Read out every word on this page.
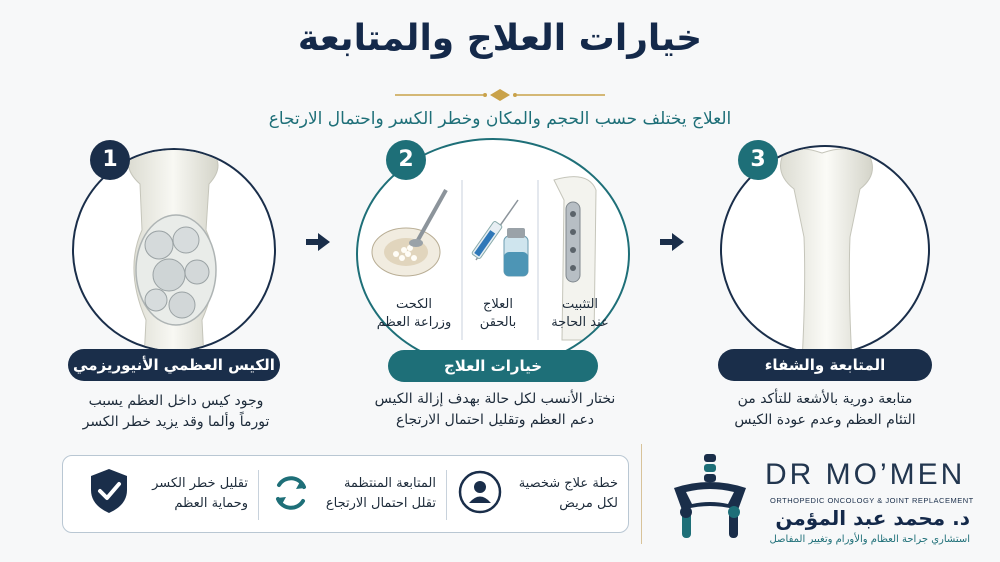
خيارات العلاج والمتابعة
العلاج يختلف حسب الحجم والمكان وخطر الكسر واحتمال الارتجاع
1
الكيس العظمي الأنيوريزمي
وجود كيس داخل العظم يسبب
تورماً وألما وقد يزيد خطر الكسر
2
الكحت
وزراعة العظم
العلاج
بالحقن
التثبيت
عند الحاجة
خيارات العلاج
نختار الأنسب لكل حالة بهدف إزالة الكيس
دعم العظم وتقليل احتمال الارتجاع
3
المتابعة والشفاء
متابعة دورية بالأشعة للتأكد من
التئام العظم وعدم عودة الكيس
تقليل خطر الكسر
وحماية العظم
المتابعة المنتظمة
تقلل احتمال الارتجاع
خطة علاج شخصية
لكل مريض
DR MO’MEN
ORTHOPEDIC ONCOLOGY & JOINT REPLACEMENT
د. محمد عبد المؤمن
استشاري جراحة العظام والأورام وتغيير المفاصل
